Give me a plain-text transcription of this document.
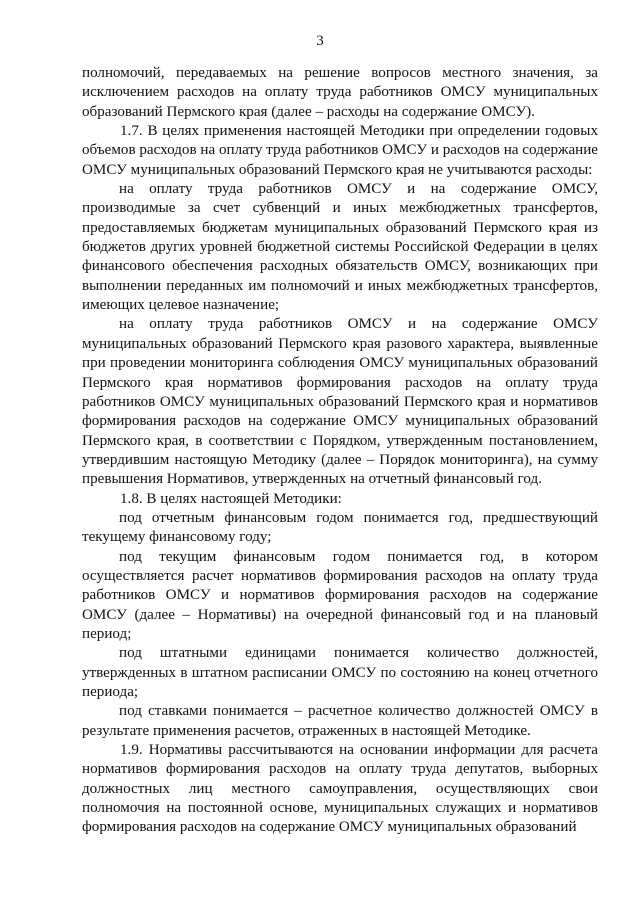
3

полномочий, передаваемых на решение вопросов местного значения, за исключением расходов на оплату труда работников ОМСУ муниципальных образований Пермского края (далее – расходы на содержание ОМСУ).

1.7. В целях применения настоящей Методики при определении годовых объемов расходов на оплату труда работников ОМСУ и расходов на содержание ОМСУ муниципальных образований Пермского края не учитываются расходы:

на оплату труда работников ОМСУ и на содержание ОМСУ, производимые за счет субвенций и иных межбюджетных трансфертов, предоставляемых бюджетам муниципальных образований Пермского края из бюджетов других уровней бюджетной системы Российской Федерации в целях финансового обеспечения расходных обязательств ОМСУ, возникающих при выполнении переданных им полномочий и иных межбюджетных трансфертов, имеющих целевое назначение;

на оплату труда работников ОМСУ и на содержание ОМСУ муниципальных образований Пермского края разового характера, выявленные при проведении мониторинга соблюдения ОМСУ муниципальных образований Пермского края нормативов формирования расходов на оплату труда работников ОМСУ муниципальных образований Пермского края и нормативов формирования расходов на содержание ОМСУ муниципальных образований Пермского края, в соответствии с Порядком, утвержденным постановлением, утвердившим настоящую Методику (далее – Порядок мониторинга), на сумму превышения Нормативов, утвержденных на отчетный финансовый год.

1.8. В целях настоящей Методики:

под отчетным финансовым годом понимается год, предшествующий текущему финансовому году;

под текущим финансовым годом понимается год, в котором осуществляется расчет нормативов формирования расходов на оплату труда работников ОМСУ и нормативов формирования расходов на содержание ОМСУ (далее – Нормативы) на очередной финансовый год и на плановый период;

под штатными единицами понимается количество должностей, утвержденных в штатном расписании ОМСУ по состоянию на конец отчетного периода;

под ставками понимается – расчетное количество должностей ОМСУ в результате применения расчетов, отраженных в настоящей Методике.

1.9. Нормативы рассчитываются на основании информации для расчета нормативов формирования расходов на оплату труда депутатов, выборных должностных лиц местного самоуправления, осуществляющих свои полномочия на постоянной основе, муниципальных служащих и нормативов формирования расходов на содержание ОМСУ муниципальных образований
